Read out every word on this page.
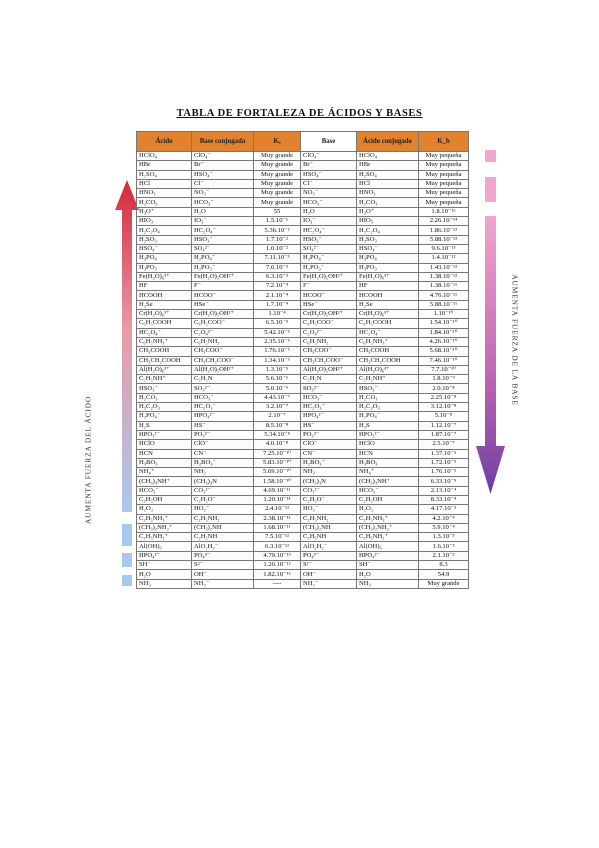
TABLA DE FORTALEZA DE ÁCIDOS Y BASES
AUMENTA FUERZA DEL ÁCIDO
AUMENTA FUERZA DE LA BASE
Ácido	Base conjugada	Kₐ	Base	Ácido conjugado	K_b
HClO₄	ClO₄⁻	Muy grande	ClO₄⁻	HClO₄	Muy pequeña
HBr	Br⁻	Muy grande	Br⁻	HBr	Muy pequeña
H₂SO₄	HSO₄⁻	Muy grande	HSO₄⁻	H₂SO₄	Muy pequeña
HCl	Cl⁻	Muy grande	Cl⁻	HCl	Muy pequeña
HNO₃	NO₃⁻	Muy grande	NO₃⁻	HNO₃	Muy pequeña
H₂CO₃	HCO₃⁻	Muy grande	HCO₃⁻	H₂CO₃	Muy pequeña
H₃O⁺	H₂O	55	H₂O	H₃O⁺	1.8.10⁻¹⁶
HIO₃	IO₃⁻	1.5.10⁻¹	IO₃⁻	HIO₃	2.26.10⁻¹⁴
H₂C₂O₄	HC₂O₄⁻	5.36.10⁻²	HC₂O₄⁻	H₂C₂O₄	1.86.10⁻¹³
H₂SO₃	HSO₃⁻	1.7.10⁻²	HSO₃⁻	H₂SO₃	5.88.10⁻¹³
HSO₄⁻	SO₄²⁻	1.0.10⁻²	SO₄²⁻	HSO₄⁻	9.6.10⁻¹³
H₃PO₄	H₂PO₄⁻	7.11.10⁻³	H₂PO₄⁻	H₃PO₄	1.4.10⁻¹²
H₃PO₃	H₂PO₃⁻	7.6.10⁻³	H₂PO₃⁻	H₃PO₃	1.43.10⁻¹²
Fe(H₂O)₆³⁺	Fe(H₂O)₅OH²⁺	6.3.10⁻³	Fe(H₂O)₅OH²⁺	Fe(H₂O)₆³⁺	1.38.10⁻¹²
HF	F⁻	7.2.10⁻⁴	F⁻	HF	1.38.10⁻¹¹
HCOOH	HCOO⁻	2.1.10⁻⁴	HCOO⁻	HCOOH	4.76.10⁻¹¹
H₂Se	HSe⁻	1.7.10⁻⁴	HSe⁻	H₂Se	5.88.10⁻¹¹
Cr(H₂O)₆³⁺	Cr(H₂O)₅OH²⁺	1.10⁻⁴	Cr(H₂O)₅OH²⁺	Cr(H₂O)₆³⁺	1.10⁻¹⁰
C₆H₅COOH	C₆H₅COO⁻	6.5.10⁻⁵	C₆H₅COO⁻	C₆H₅COOH	1.54.10⁻¹⁰
HC₂O₄⁻	C₂O₄²⁻	5.42.10⁻⁵	C₂O₄²⁻	HC₂O₄⁻	1.84.10⁻¹⁰
C₆H₅NH₃⁺	C₆H₅NH₂	2.35.10⁻⁵	C₆H₅NH₂	C₆H₅NH₃⁺	4.26.10⁻¹⁰
CH₃COOH	CH₃COO⁻	1.76.10⁻⁵	CH₃COO⁻	CH₃COOH	5.68.10⁻¹⁰
CH₃CH₂COOH	CH₃CH₂COO⁻	1.34.10⁻⁵	CH₃CH₂COO⁻	CH₃CH₂COOH	7.46.10⁻¹⁰
Al(H₂O)₆³⁺	Al(H₂O)₅OH²⁺	1.3.10⁻⁵	Al(H₂O)₅OH²⁺	Al(H₂O)₆³⁺	7.7.10⁻¹⁰
C₅H₅NH⁺	C₅H₅N	5.6.10⁻⁶	C₅H₅N	C₅H₅NH⁺	1.8.10⁻⁹
HSO₃⁻	SO₃²⁻	5.0.10⁻⁶	SO₃²⁻	HSO₃⁻	2.0.10⁻⁸
H₂CO₃	HCO₃⁻	4.43.10⁻⁷	HCO₃⁻	H₂CO₃	2.25.10⁻⁸
H₂C₂O₃	HC₂O₃⁻	3.2.10⁻⁷	HC₂O₃⁻	H₂C₂O₃	3.12.10⁻⁸
H₂PO₄⁻	HPO₄²⁻	2.10⁻⁷	HPO₄²⁻	H₂PO₄⁻	5.10⁻⁸
H₂S	HS⁻	8.5.10⁻⁸	HS⁻	H₂S	1.12.10⁻⁷
HPO₃²⁻	PO₃³⁻	5.34.10⁻⁸	PO₃³⁻	HPO₃²⁻	1.87.10⁻⁷
HClO	ClO⁻	4.0.10⁻⁸	ClO⁻	HClO	2.5.10⁻⁷
HCN	CN⁻	7.25.10⁻¹⁰	CN⁻	HCN	1.37.10⁻⁵
H₃BO₃	H₂BO₃⁻	5.83.10⁻¹⁰	H₂BO₃⁻	H₃BO₃	1.72.10⁻⁵
NH₄⁺	NH₃	5.69.10⁻¹⁰	NH₃	NH₄⁺	1.76.10⁻⁵
(CH₃)₃NH⁺	(CH₃)₃N	1.58.10⁻¹⁰	(CH₃)₃N	(CH₃)₃NH⁺	6.33.10⁻⁵
HCO₃⁻	CO₃²⁻	4.69.10⁻¹¹	CO₃²⁻	HCO₃⁻	2.13.10⁻⁴
C₂H₅OH	C₂H₅O⁻	1.20.10⁻¹¹	C₂H₅O⁻	C₂H₅OH	8.33.10⁻⁴
H₂O₂	HO₂⁻	2.4.10⁻¹²	HO₂⁻	H₂O₂	4.17.10⁻³
C₂H₅NH₃⁺	C₂H₅NH₂	2.38.10⁻¹¹	C₂H₅NH₂	C₂H₅NH₃⁺	4.2.10⁻⁴
(CH₃)₂NH₂⁺	(CH₃)₂NH	1.68.10⁻¹¹	(CH₃)₂NH	(CH₃)₂NH₂⁺	5.9.10⁻⁴
C₂H₅NH₂⁺	C₂H₅NH	7.5.10⁻¹²	C₂H₅NH	C₂H₅NH₂⁺	1.3.10⁻³
Al(OH)₃	AlO₂H₂⁻	6.3.10⁻¹²	AlO₂H₂⁻	Al(OH)₃	1.6.10⁻³
HPO₄²⁻	PO₄³⁻	4.79.10⁻¹³	PO₄³⁻	HPO₄²⁻	2.1.10⁻²
SH⁻	S²⁻	1.20.10⁻¹³	S²⁻	SH⁻	8.3
H₂O	OH⁻	1.82.10⁻¹⁶	OH⁻	H₂O	54.9
NH₃	NH₂⁻	----	NH₂⁻	NH₃	Muy grande
